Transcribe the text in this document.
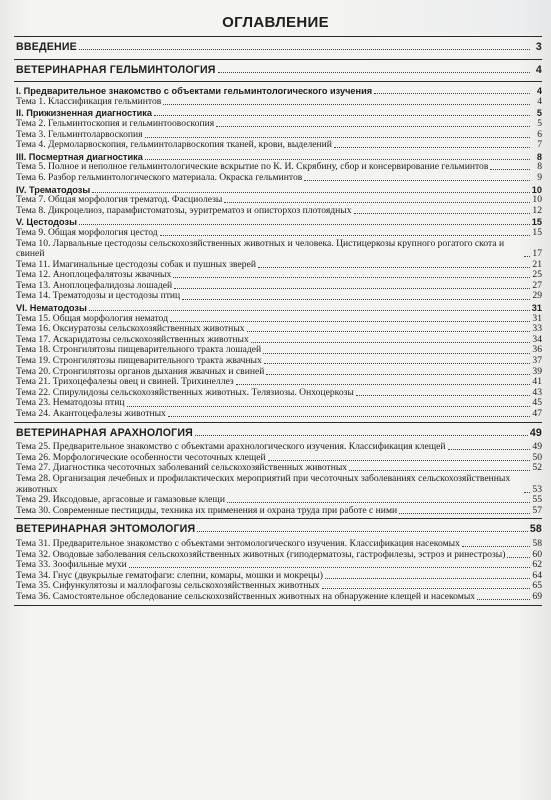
ОГЛАВЛЕНИЕ
ВВЕДЕНИЕ	3
ВЕТЕРИНАРНАЯ ГЕЛЬМИНТОЛОГИЯ	4
I. Предварительное знакомство с объектами гельминтологического изучения	4
Тема 1. Классификация гельминтов	4
II. Прижизненная диагностика	5
Тема 2. Гельминтоскопия и гельминтоовоскопия	5
Тема 3. Гельминтоларвоскопия	6
Тема 4. Дермоларвоскопия, гельминтоларвоскопия тканей, крови, выделений	7
III. Посмертная диагностика	8
Тема 5. Полное и неполное гельминтологические вскрытие по К. И. Скрябину, сбор и консервирование гельминтов	8
Тема 6. Разбор гельминтологического материала. Окраска гельминтов	9
IV. Трематодозы	10
Тема 7. Общая морфология трематод. Фасциолезы	10
Тема 8. Дикроцелиоз, парамфистоматозы, эуритрематоз и описторхоз плотоядных	12
V. Цестодозы	15
Тема 9. Общая морфология цестод	15
Тема 10. Ларвальные цестодозы сельскохозяйственных животных и человека. Цистицеркозы крупного рогатого скота и свиней	17
Тема 11. Имагинальные цестодозы собак и пушных зверей	21
Тема 12. Аноплоцефалятозы жвачных	25
Тема 13. Аноплоцефалидозы лошадей	27
Тема 14. Трематодозы и цестодозы птиц	29
VI. Нематодозы	31
Тема 15. Общая морфология нематод	31
Тема 16. Оксиуратозы сельскохозяйственных животных	33
Тема 17. Аскаридатозы сельскохозяйственных животных	34
Тема 18. Стронгилятозы пищеварительного тракта лошадей	36
Тема 19. Стронгилятозы пищеварительного тракта жвачных	37
Тема 20. Стронгилятозы органов дыхания жвачных и свиней	39
Тема 21. Трихоцефалезы овец и свиней. Трихинеллез	41
Тема 22. Спирулидозы сельскохозяйственных животных. Телязиозы. Онхоцеркозы	43
Тема 23. Нематодозы птиц	45
Тема 24. Акантоцефалезы животных	47
ВЕТЕРИНАРНАЯ АРАХНОЛОГИЯ	49
Тема 25. Предварительное знакомство с объектами арахнологического изучения. Классификация клещей	49
Тема 26. Морфологические особенности чесоточных клещей	50
Тема 27. Диагностика чесоточных заболеваний сельскохозяйственных животных	52
Тема 28. Организация лечебных и профилактических мероприятий при чесоточных заболеваниях сельскохозяйственных животных	53
Тема 29. Иксодовые, аргасовые и гамазовые клещи	55
Тема 30. Современные пестициды, техника их применения и охрана труда при работе с ними	57
ВЕТЕРИНАРНАЯ ЭНТОМОЛОГИЯ	58
Тема 31. Предварительное знакомство с объектами энтомологического изучения. Классификация насекомых	58
Тема 32. Оводовые заболевания сельскохозяйственных животных (гиподерматозы, гастрофилезы, эстроз и ринестрозы)	60
Тема 33. Зоофильные мухи	62
Тема 34. Гнус (двукрылые гематофаги: слепни, комары, мошки и мокрецы)	64
Тема 35. Сифункулятозы и маллофагозы сельскохозяйственных животных	65
Тема 36. Самостоятельное обследование сельскохозяйственных животных на обнаружение клещей и насекомых	69
